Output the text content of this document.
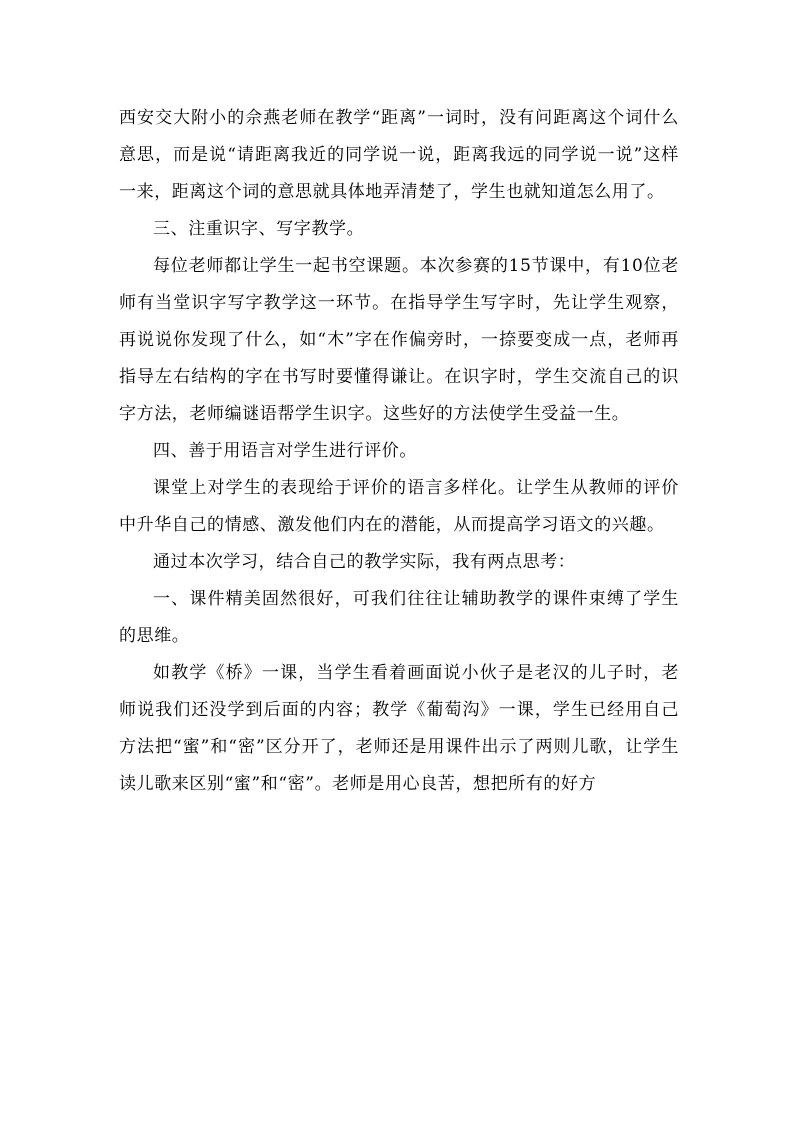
西安交大附小的佘燕老师在教学“距离”一词时，没有问距离这个词什么意思，而是说“请距离我近的同学说一说，距离我远的同学说一说”这样一来，距离这个词的意思就具体地弄清楚了，学生也就知道怎么用了。

三、注重识字、写字教学。

每位老师都让学生一起书空课题。本次参赛的15节课中，有10位老师有当堂识字写字教学这一环节。在指导学生写字时，先让学生观察，再说说你发现了什么，如“木”字在作偏旁时，一捺要变成一点，老师再指导左右结构的字在书写时要懂得谦让。在识字时，学生交流自己的识字方法，老师编谜语帮学生识字。这些好的方法使学生受益一生。

四、善于用语言对学生进行评价。

课堂上对学生的表现给于评价的语言多样化。让学生从教师的评价中升华自己的情感、激发他们内在的潜能，从而提高学习语文的兴趣。

通过本次学习，结合自己的教学实际，我有两点思考：

一、课件精美固然很好，可我们往往让辅助教学的课件束缚了学生的思维。

如教学《桥》一课，当学生看着画面说小伙子是老汉的儿子时，老师说我们还没学到后面的内容；教学《葡萄沟》一课，学生已经用自己方法把“蜜”和“密”区分开了，老师还是用课件出示了两则儿歌，让学生读儿歌来区别“蜜”和“密”。老师是用心良苦，想把所有的好方
